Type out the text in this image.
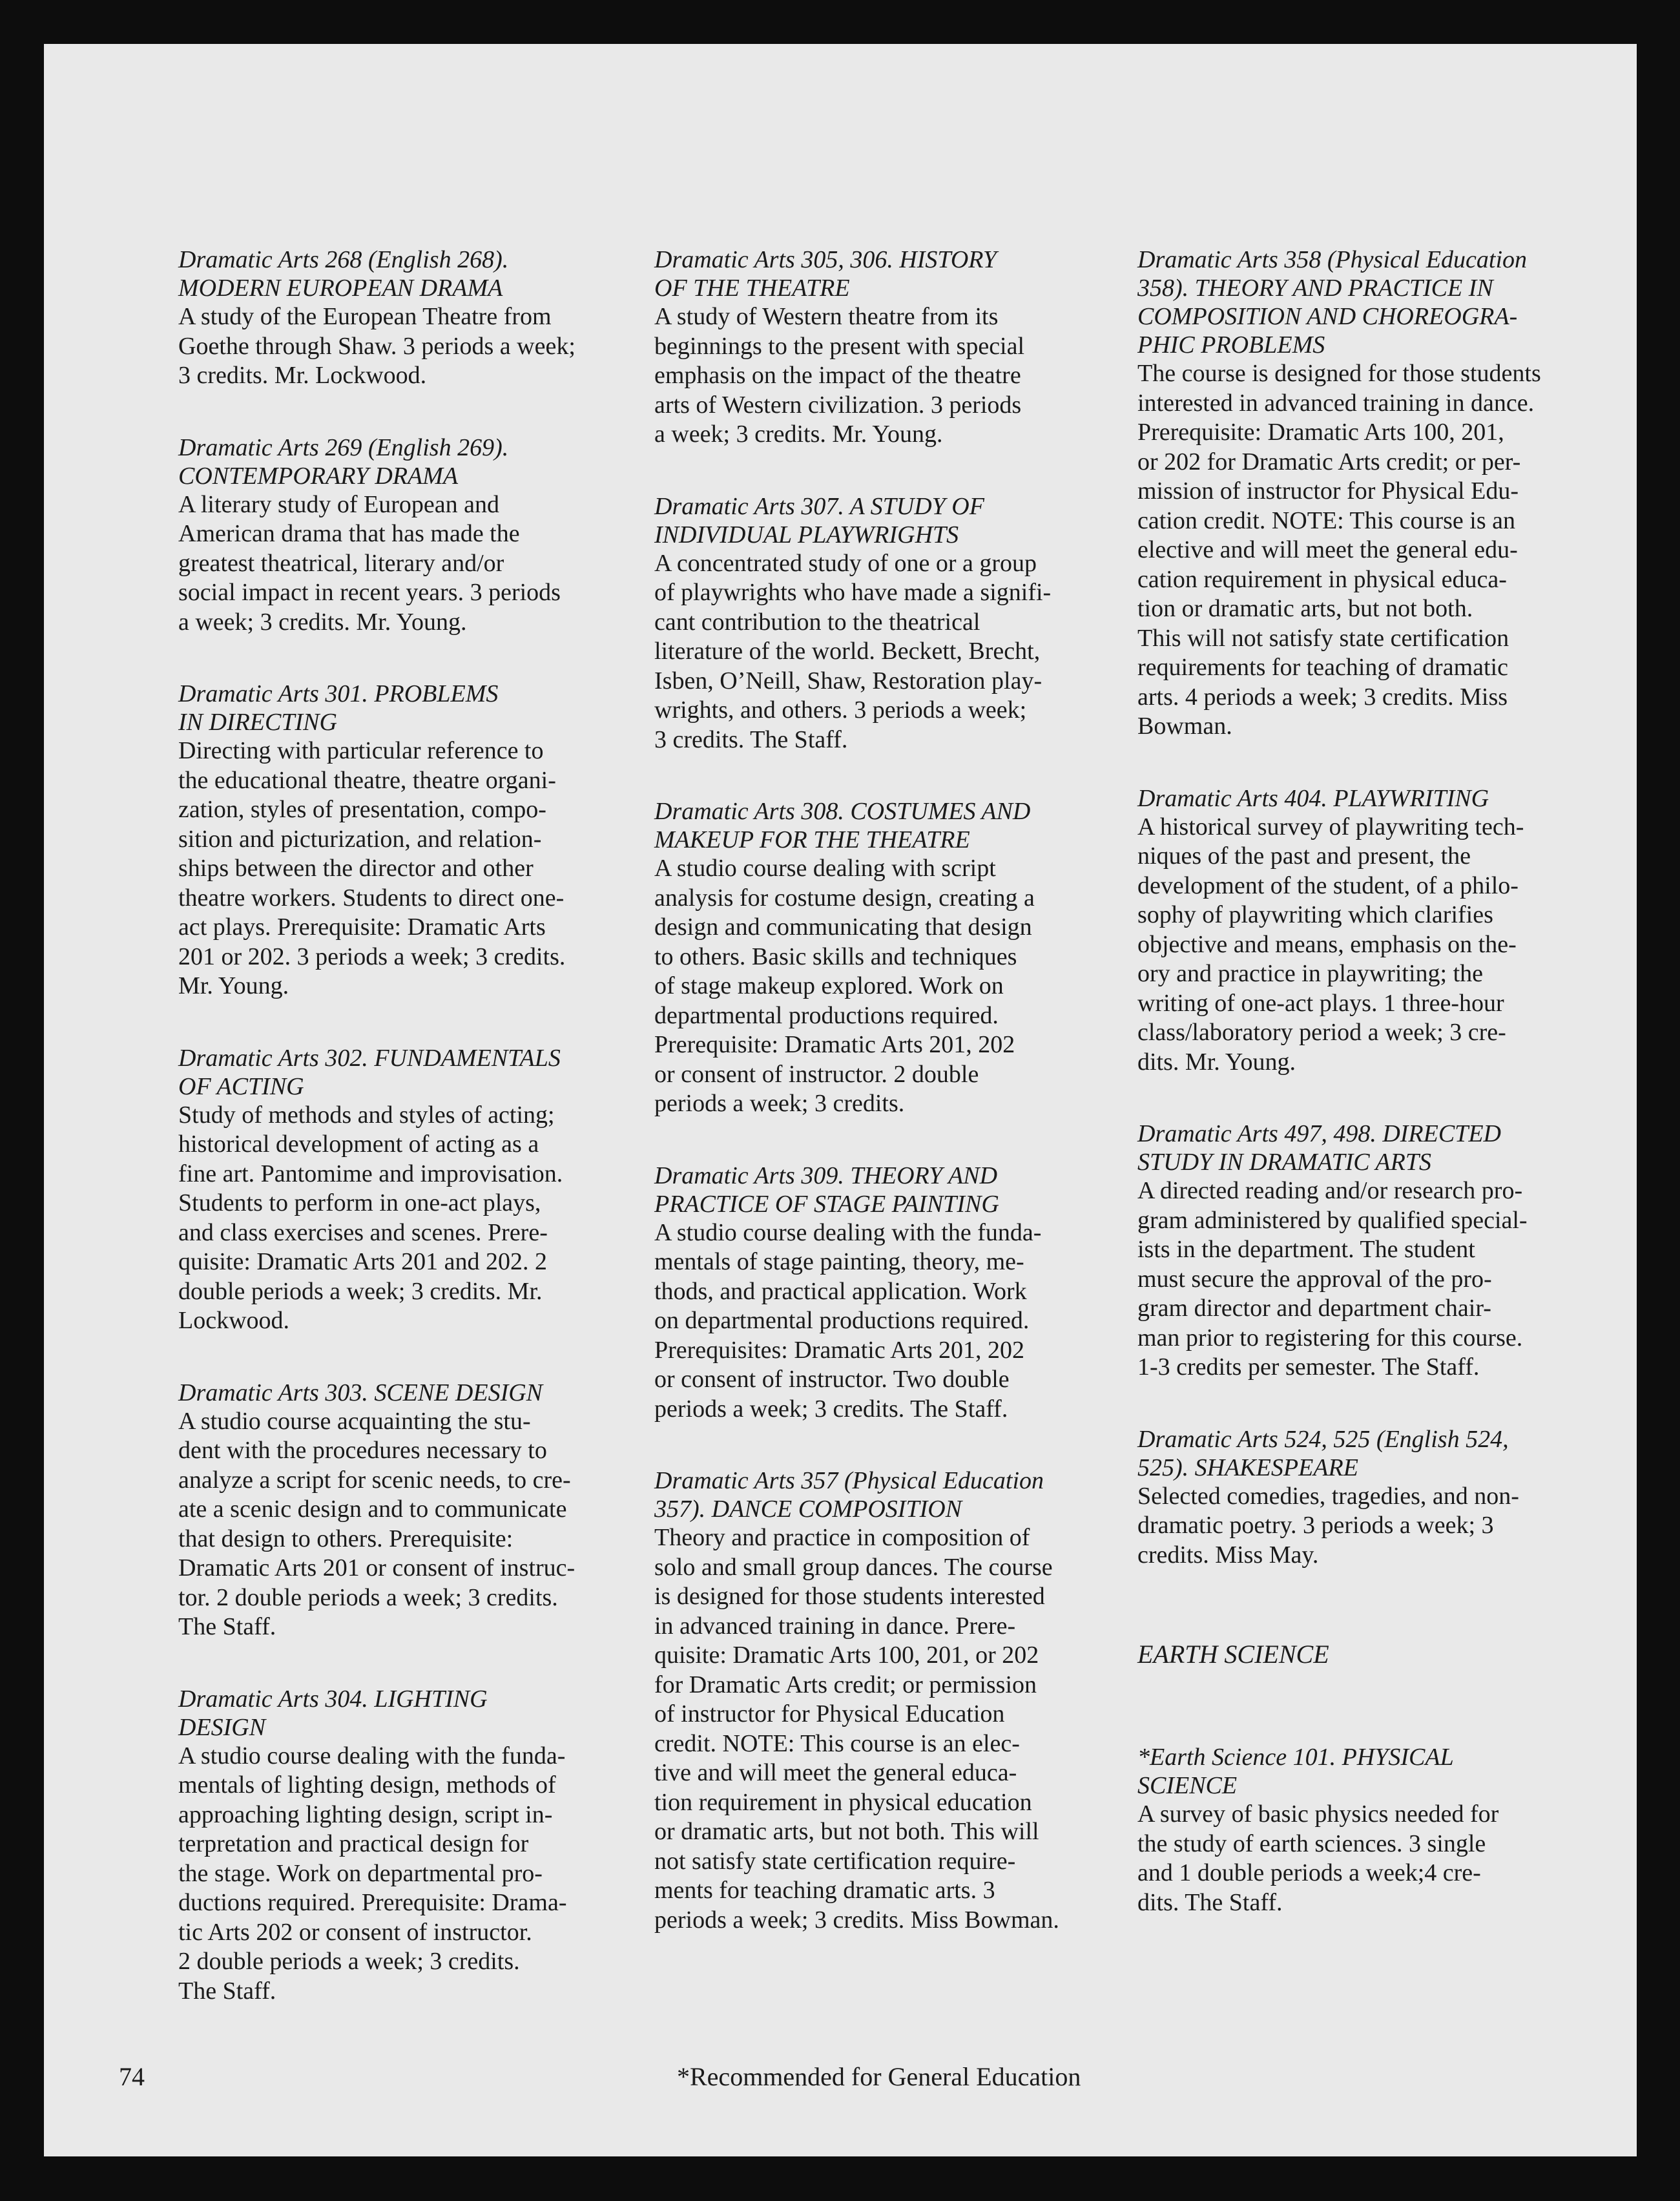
Dramatic Arts 268 (English 268).
MODERN EUROPEAN DRAMA

A study of the European Theatre from
Goethe through Shaw. 3 periods a week;
3 credits. Mr. Lockwood.

Dramatic Arts 269 (English 269).
CONTEMPORARY DRAMA

A literary study of European and
American drama that has made the
greatest theatrical, literary and/or
social impact in recent years. 3 periods
a week; 3 credits. Mr. Young.

Dramatic Arts 301. PROBLEMS
IN DIRECTING

Directing with particular reference to
the educational theatre, theatre organi-
zation, styles of presentation, compo-
sition and picturization, and relation-
ships between the director and other
theatre workers. Students to direct one-
act plays. Prerequisite: Dramatic Arts
201 or 202. 3 periods a week; 3 credits.
Mr. Young.

Dramatic Arts 302. FUNDAMENTALS
OF ACTING

Study of methods and styles of acting;
historical development of acting as a
fine art. Pantomime and improvisation.
Students to perform in one-act plays,
and class exercises and scenes. Prere-
quisite: Dramatic Arts 201 and 202. 2
double periods a week; 3 credits. Mr.
Lockwood.

Dramatic Arts 303. SCENE DESIGN

A studio course acquainting the stu-
dent with the procedures necessary to
analyze a script for scenic needs, to cre-
ate a scenic design and to communicate
that design to others. Prerequisite:
Dramatic Arts 201 or consent of instruc-
tor. 2 double periods a week; 3 credits.
The Staff.

Dramatic Arts 304. LIGHTING
DESIGN

A studio course dealing with the funda-
mentals of lighting design, methods of
approaching lighting design, script in-
terpretation and practical design for
the stage. Work on departmental pro-
ductions required. Prerequisite: Drama-
tic Arts 202 or consent of instructor.
2 double periods a week; 3 credits.
The Staff.

Dramatic Arts 305, 306. HISTORY
OF THE THEATRE

A study of Western theatre from its
beginnings to the present with special
emphasis on the impact of the theatre
arts of Western civilization. 3 periods
a week; 3 credits. Mr. Young.

Dramatic Arts 307. A STUDY OF
INDIVIDUAL PLAYWRIGHTS

A concentrated study of one or a group
of playwrights who have made a signifi-
cant contribution to the theatrical
literature of the world. Beckett, Brecht,
Isben, O’Neill, Shaw, Restoration play-
wrights, and others. 3 periods a week;
3 credits. The Staff.

Dramatic Arts 308. COSTUMES AND
MAKEUP FOR THE THEATRE

A studio course dealing with script
analysis for costume design, creating a
design and communicating that design
to others. Basic skills and techniques
of stage makeup explored. Work on
departmental productions required.
Prerequisite: Dramatic Arts 201, 202
or consent of instructor. 2 double
periods a week; 3 credits.

Dramatic Arts 309. THEORY AND
PRACTICE OF STAGE PAINTING

A studio course dealing with the funda-
mentals of stage painting, theory, me-
thods, and practical application. Work
on departmental productions required.
Prerequisites: Dramatic Arts 201, 202
or consent of instructor. Two double
periods a week; 3 credits. The Staff.

Dramatic Arts 357 (Physical Education
357). DANCE COMPOSITION

Theory and practice in composition of
solo and small group dances. The course
is designed for those students interested
in advanced training in dance. Prere-
quisite: Dramatic Arts 100, 201, or 202
for Dramatic Arts credit; or permission
of instructor for Physical Education
credit. NOTE: This course is an elec-
tive and will meet the general educa-
tion requirement in physical education
or dramatic arts, but not both. This will
not satisfy state certification require-
ments for teaching dramatic arts. 3
periods a week; 3 credits. Miss Bowman.

Dramatic Arts 358 (Physical Education
358). THEORY AND PRACTICE IN
COMPOSITION AND CHOREOGRA-
PHIC PROBLEMS

The course is designed for those students
interested in advanced training in dance.
Prerequisite: Dramatic Arts 100, 201,
or 202 for Dramatic Arts credit; or per-
mission of instructor for Physical Edu-
cation credit. NOTE: This course is an
elective and will meet the general edu-
cation requirement in physical educa-
tion or dramatic arts, but not both.
This will not satisfy state certification
requirements for teaching of dramatic
arts. 4 periods a week; 3 credits. Miss
Bowman.

Dramatic Arts 404. PLAYWRITING

A historical survey of playwriting tech-
niques of the past and present, the
development of the student, of a philo-
sophy of playwriting which clarifies
objective and means, emphasis on the-
ory and practice in playwriting; the
writing of one-act plays. 1 three-hour
class/laboratory period a week; 3 cre-
dits. Mr. Young.

Dramatic Arts 497, 498. DIRECTED
STUDY IN DRAMATIC ARTS

A directed reading and/or research pro-
gram administered by qualified special-
ists in the department. The student
must secure the approval of the pro-
gram director and department chair-
man prior to registering for this course.
1-3 credits per semester. The Staff.

Dramatic Arts 524, 525 (English 524,
525). SHAKESPEARE

Selected comedies, tragedies, and non-
dramatic poetry. 3 periods a week; 3
credits. Miss May.

EARTH SCIENCE

*Earth Science 101. PHYSICAL
SCIENCE

A survey of basic physics needed for
the study of earth sciences. 3 single
and 1 double periods a week;4 cre-
dits. The Staff.

74	*Recommended for General Education
